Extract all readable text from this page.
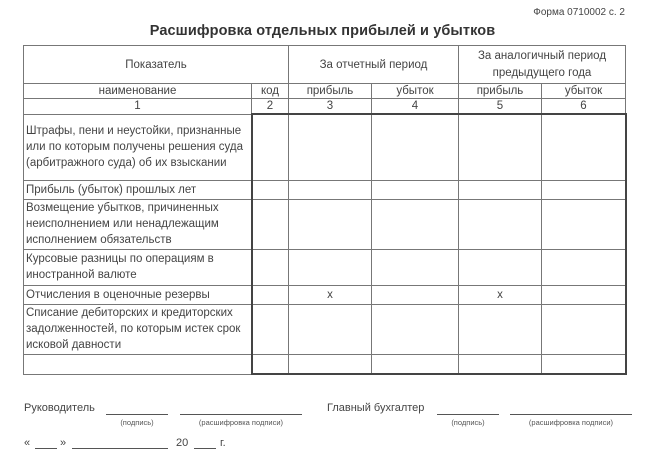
Форма 0710002 с. 2
Расшифровка отдельных прибылей и убытков
Показатель		За отчетный период		За аналогичный период предыдущего года	
наименование	код	прибыль	убыток	прибыль	убыток
1	2	3	4	5	6
Штрафы, пени и неустойки, признанные или по которым получены решения суда (арбитражного суда) об их взыскании					
Прибыль (убыток) прошлых лет					
Возмещение убытков, причиненных неисполнением или ненадлежащим исполнением обязательств					
Курсовые разницы по операциям в иностранной валюте					
Отчисления в оценочные резервы		х		х	
Списание дебиторских и кредиторских задолженностей, по которым истек срок исковой давности					

Руководитель
(подпись)	(расшифровка подписи)
Главный бухгалтер
(подпись)	(расшифровка подписи)
«	»	20	г.
